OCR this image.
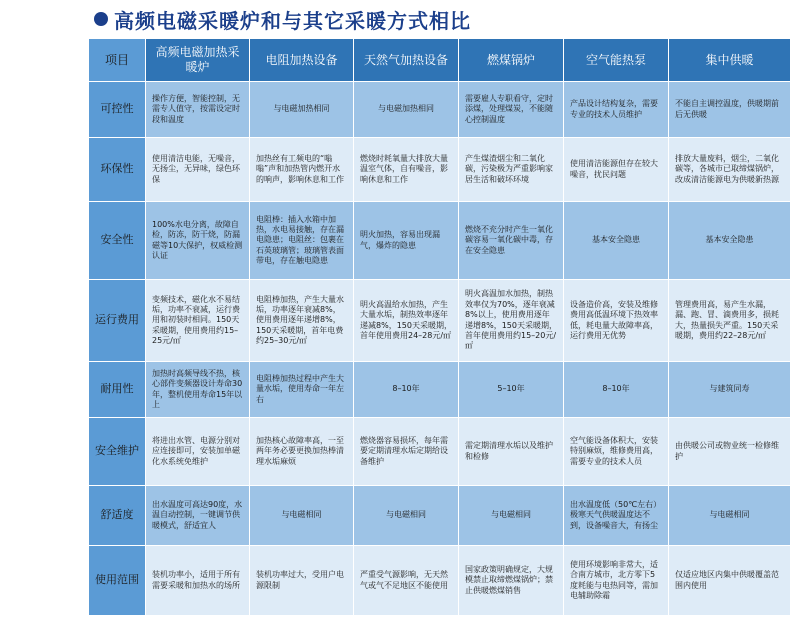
高频电磁采暖炉和与其它采暖方式相比
项目	高频电磁加热采暖炉	电阻加热设备	天然气加热设备	燃煤锅炉	空气能热泵	集中供暖
可控性	操作方便，智能控制，无需专人值守，按需设定时段和温度	与电磁加热相同	与电磁加热相同	需要雇人专职看守，定时添煤，处理煤炭，不能随心控制温度	产品设计结构复杂，需要专业的技术人员维护	不能自主调控温度，供暖期前后无供暖
环保性	使用清洁电能，无噪音，无扬尘，无异味，绿色环保	加热丝有工频电的“嗡嗡”声和加热管内燃开水的响声，影响休息和工作	燃烧时耗氧量大排放大量温室气体，自有噪音，影响休息和工作	产生煤渣烟尘和二氧化碳，污染极为严重影响家居生活和破坏环境	使用清洁能源但存在较大噪音，扰民问题	排放大量废料，烟尘，二氧化碳等，各城市已取缔煤锅炉，改成清洁能源电为供暖新热源
安全性	100%水电分离，故障自检，防冻，防干烧，防漏磁等10大保护，权威检测认证	电阻棒：插入水箱中加热，水电易接触，存在漏电隐患；电阻丝：包裹在石英玻璃管；玻璃管表面带电，存在触电隐患	明火加热，容易出现漏气，爆炸的隐患	燃烧不充分时产生一氧化碳容易一氧化碳中毒，存在安全隐患	基本安全隐患	基本安全隐患
运行费用	变频技术，磁化水不易结垢，功率不衰减，运行费用和初装时相同。150天采暖期，使用费用约15–25元/㎡	电阻棒加热，产生大量水垢，功率逐年衰减8%，使用费用逐年递增8%，150天采暖期，首年电费约25–30元/㎡	明火高温给水加热，产生大量水垢，制热效率逐年递减8%，150天采暖期，首年使用费用24–28元/㎡	明火高温加水加热，制热效率仅为70%，逐年衰减8%以上，使用费用逐年递增8%，150天采暖期，首年使用费用约15–20元/㎡	设备造价高，安装及维修费用高低温环境下热效率低，耗电量大故障率高，运行费用无优势	管理费用高，易产生水漏，漏、跑、冒、滴费用多，损耗大，热量损失严重。150天采暖期，费用约22–28元/㎡
耐用性	加热时高频导线不热，核心部件变频器设计寿命30年，整机使用寿命15年以上	电阻棒加热过程中产生大量水垢，使用寿命一年左右	8–10年	5–10年	8–10年	与建筑同寿
安全维护	将进出水管、电源分别对应连接即可，安装加单磁化水系统免维护	加热核心故障率高，一至两年务必要更换加热棒清理水垢麻烦	燃烧器容易损坏，每年需要定期清理水垢定期给设备维护	需定期清理水垢以及维护和检修	空气能设备体积大，安装特别麻烦，维修费用高，需要专业的技术人员	由供暖公司或物业统一检修维护
舒适度	出水温度可高达90度，水温自动控制，一键调节供暖模式，舒适宜人	与电磁相同	与电磁相同	与电磁相同	出水温度低（50℃左右）极寒天气供暖温度达不到，设备噪音大，有扬尘	与电磁相同
使用范围	装机功率小，适用于所有需要采暖和加热水的场所	装机功率过大，受用户电源限制	严重受气源影响，无天然气或气不足地区不能使用	国家政策明确规定，大规模禁止取缔燃煤锅炉；禁止供暖燃煤销售	使用环境影响非常大，适合南方城市，北方零下5度耗能与电热同等，需加电辅助除霜	仅适应地区内集中供暖覆盖范围内使用
